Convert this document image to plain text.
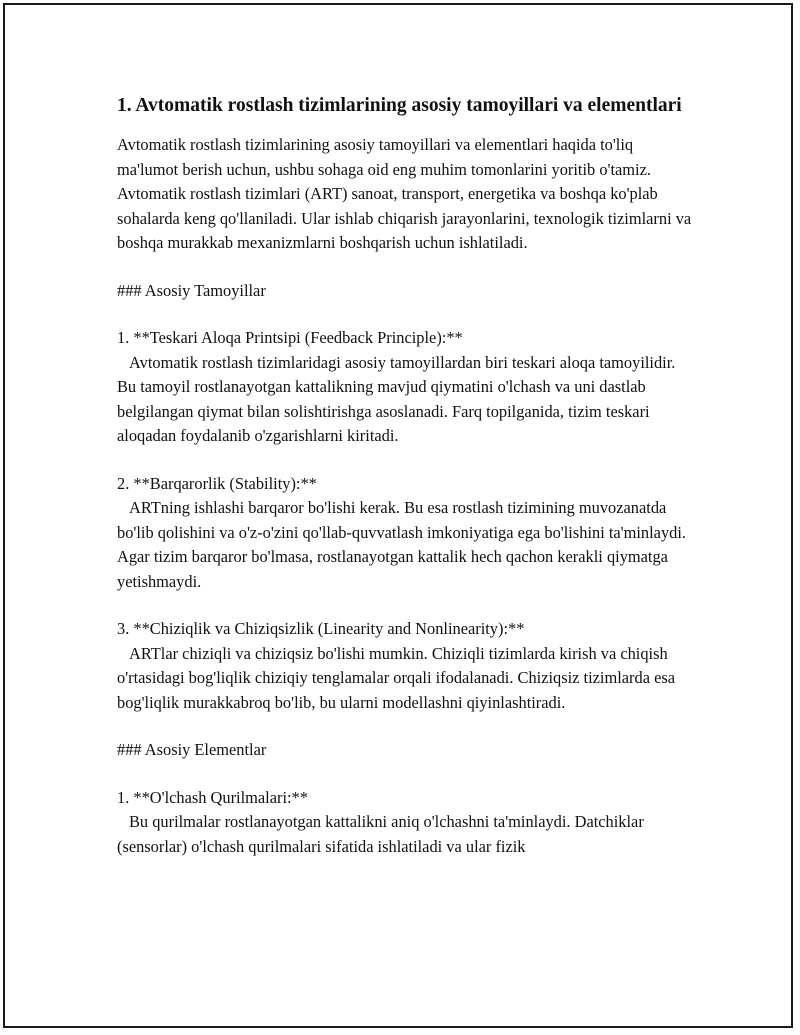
1. Avtomatik rostlash tizimlarining asosiy tamoyillari va elementlari
Avtomatik rostlash tizimlarining asosiy tamoyillari va elementlari haqida to'liq ma'lumot berish uchun, ushbu sohaga oid eng muhim tomonlarini yoritib o'tamiz. Avtomatik rostlash tizimlari (ART) sanoat, transport, energetika va boshqa ko'plab sohalarda keng qo'llaniladi. Ular ishlab chiqarish jarayonlarini, texnologik tizimlarni va boshqa murakkab mexanizmlarni boshqarish uchun ishlatiladi.
### Asosiy Tamoyillar
1. **Teskari Aloqa Printsipi (Feedback Principle):**
Avtomatik rostlash tizimlaridagi asosiy tamoyillardan biri teskari aloqa tamoyilidir. Bu tamoyil rostlanayotgan kattalikning mavjud qiymatini o'lchash va uni dastlab belgilangan qiymat bilan solishtirishga asoslanadi. Farq topilganida, tizim teskari aloqadan foydalanib o'zgarishlarni kiritadi.
2. **Barqarorlik (Stability):**
ARTning ishlashi barqaror bo'lishi kerak. Bu esa rostlash tizimining muvozanatda bo'lib qolishini va o'z-o'zini qo'llab-quvvatlash imkoniyatiga ega bo'lishini ta'minlaydi. Agar tizim barqaror bo'lmasa, rostlanayotgan kattalik hech qachon kerakli qiymatga yetishmaydi.
3. **Chiziqlik va Chiziqsizlik (Linearity and Nonlinearity):**
ARTlar chiziqli va chiziqsiz bo'lishi mumkin. Chiziqli tizimlarda kirish va chiqish o'rtasidagi bog'liqlik chiziqiy tenglamalar orqali ifodalanadi. Chiziqsiz tizimlarda esa bog'liqlik murakkabroq bo'lib, bu ularni modellashni qiyinlashtiradi.
### Asosiy Elementlar
1. **O'lchash Qurilmalari:**
Bu qurilmalar rostlanayotgan kattalikni aniq o'lchashni ta'minlaydi. Datchiklar (sensorlar) o'lchash qurilmalari sifatida ishlatiladi va ular fizik
